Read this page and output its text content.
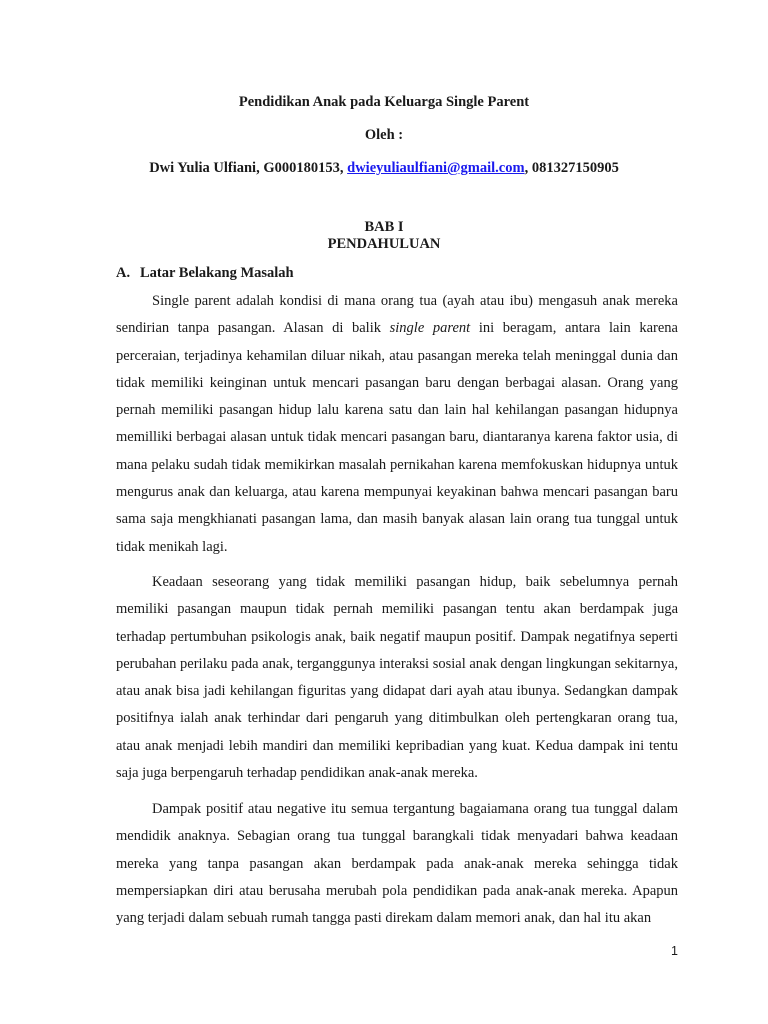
Pendidikan Anak pada Keluarga Single Parent

Oleh :

Dwi Yulia Ulfiani, G000180153, dwieyuliaulfiani@gmail.com, 081327150905

BAB I
PENDAHULUAN
A. Latar Belakang Masalah

Single parent adalah kondisi di mana orang tua (ayah atau ibu) mengasuh anak mereka sendirian tanpa pasangan. Alasan di balik single parent ini beragam, antara lain karena perceraian, terjadinya kehamilan diluar nikah, atau pasangan mereka telah meninggal dunia dan tidak memiliki keinginan untuk mencari pasangan baru dengan berbagai alasan. Orang yang pernah memiliki pasangan hidup lalu karena satu dan lain hal kehilangan pasangan hidupnya memilliki berbagai alasan untuk tidak mencari pasangan baru, diantaranya karena faktor usia, di mana pelaku sudah tidak memikirkan masalah pernikahan karena memfokuskan hidupnya untuk mengurus anak dan keluarga, atau karena mempunyai keyakinan bahwa mencari pasangan baru sama saja mengkhianati pasangan lama, dan masih banyak alasan lain orang tua tunggal untuk tidak menikah lagi.

Keadaan seseorang yang tidak memiliki pasangan hidup, baik sebelumnya pernah memiliki pasangan maupun tidak pernah memiliki pasangan tentu akan berdampak juga terhadap pertumbuhan psikologis anak, baik negatif maupun positif. Dampak negatifnya seperti perubahan perilaku pada anak, terganggunya interaksi sosial anak dengan lingkungan sekitarnya, atau anak bisa jadi kehilangan figuritas yang didapat dari ayah atau ibunya. Sedangkan dampak positifnya ialah anak terhindar dari pengaruh yang ditimbulkan oleh pertengkaran orang tua, atau anak menjadi lebih mandiri dan memiliki kepribadian yang kuat. Kedua dampak ini tentu saja juga berpengaruh terhadap pendidikan anak-anak mereka.

Dampak positif atau negative itu semua tergantung bagaiamana orang tua tunggal dalam mendidik anaknya. Sebagian orang tua tunggal barangkali tidak menyadari bahwa keadaan mereka yang tanpa pasangan akan berdampak pada anak-anak mereka sehingga tidak mempersiapkan diri atau berusaha merubah pola pendidikan pada anak-anak mereka. Apapun yang terjadi dalam sebuah rumah tangga pasti direkam dalam memori anak, dan hal itu akan

1
